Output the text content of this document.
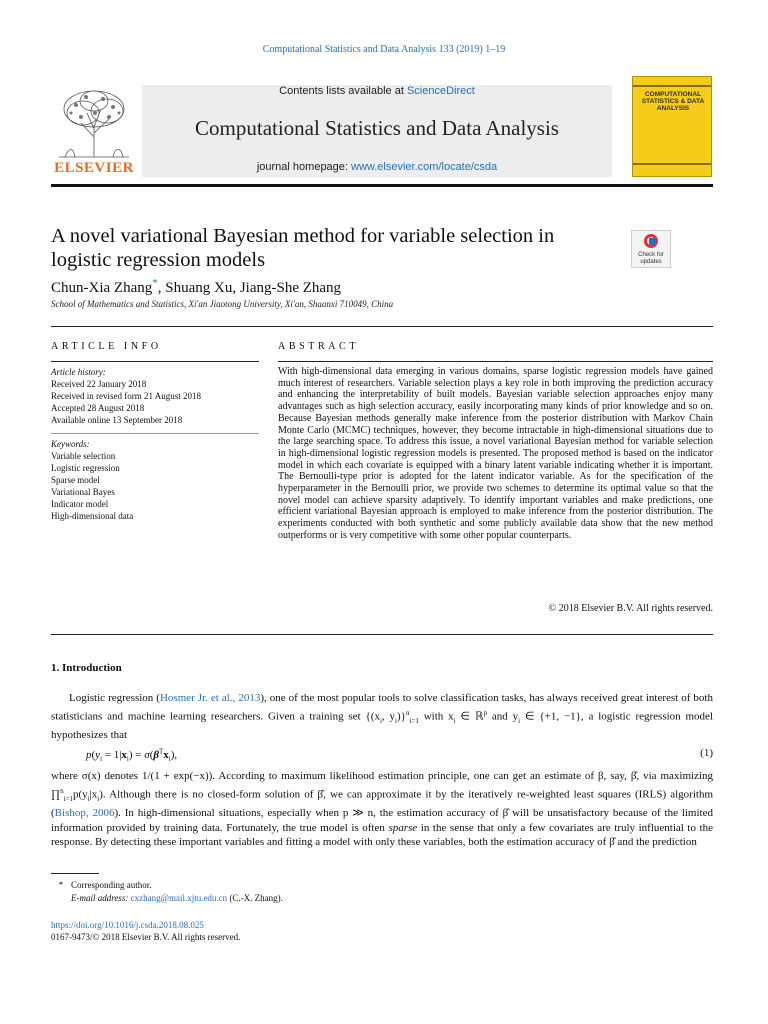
Computational Statistics and Data Analysis 133 (2019) 1–19
ELSEVIER
Contents lists available at ScienceDirect
Computational Statistics and Data Analysis
journal homepage: www.elsevier.com/locate/csda
COMPUTATIONAL STATISTICS & DATA ANALYSIS
A novel variational Bayesian method for variable selection in
logistic regression models	Check for updates
Chun-Xia Zhang*, Shuang Xu, Jiang-She Zhang
School of Mathematics and Statistics, Xi'an Jiaotong University, Xi'an, Shaanxi 710049, China
ARTICLE INFO	ABSTRACT
Article history:
Received 22 January 2018
Received in revised form 21 August 2018
Accepted 28 August 2018
Available online 13 September 2018
Keywords:
Variable selection
Logistic regression
Sparse model
Variational Bayes
Indicator model
High-dimensional data
With high-dimensional data emerging in various domains, sparse logistic regression models have gained much interest of researchers. Variable selection plays a key role in both improving the prediction accuracy and enhancing the interpretability of built models. Bayesian variable selection approaches enjoy many advantages such as high selection accuracy, easily incorporating many kinds of prior knowledge and so on. Because Bayesian methods generally make inference from the posterior distribution with Markov Chain Monte Carlo (MCMC) techniques, however, they become intractable in high-dimensional situations due to the large searching space. To address this issue, a novel variational Bayesian method for variable selection in high-dimensional logistic regression models is presented. The proposed method is based on the indicator model in which each covariate is equipped with a binary latent variable indicating whether it is important. The Bernoulli-type prior is adopted for the latent indicator variable. As for the specification of the hyperparameter in the Bernoulli prior, we provide two schemes to determine its optimal value so that the novel model can achieve sparsity adaptively. To identify important variables and make predictions, one efficient variational Bayesian approach is employed to make inference from the posterior distribution. The experiments conducted with both synthetic and some publicly available data show that the new method outperforms or is very competitive with some other popular counterparts.
© 2018 Elsevier B.V. All rights reserved.
1. Introduction
Logistic regression (Hosmer Jr. et al., 2013), one of the most popular tools to solve classification tasks, has always received great interest of both statisticians and machine learning researchers. Given a training set {($x_i$, $y_i)\}^n_{i=1}$ with $x_i$ ∈ ℝ$^p$ and $y_i$ ∈ {+1, −1}, a logistic regression model hypothesizes that
$p(y_i = 1|x_i) = \sigma(\beta^Tx_i)$,	(1)
where σ(x) denotes 1/(1 + exp(−x)). According to maximum likelihood estimation principle, one can get an estimate of β, say, β̂, via maximizing $\prod^n_{i=1}p(y_i|x_i)$. Although there is no closed-form solution of β̂, we can approximate it by the iteratively re-weighted least squares (IRLS) algorithm (Bishop, 2006). In high-dimensional situations, especially when p ≫ n, the estimation accuracy of β̂ will be unsatisfactory because of the limited information provided by training data. Fortunately, the true model is often sparse in the sense that only a few covariates are truly influential to the response. By detecting these important variables and fitting a model with only these variables, both the estimation accuracy of β̂ and the prediction
* Corresponding author.
E-mail address: cxzhang@mail.xjtu.edu.cn (C.-X. Zhang).
https://doi.org/10.1016/j.csda.2018.08.025
0167-9473/© 2018 Elsevier B.V. All rights reserved.
